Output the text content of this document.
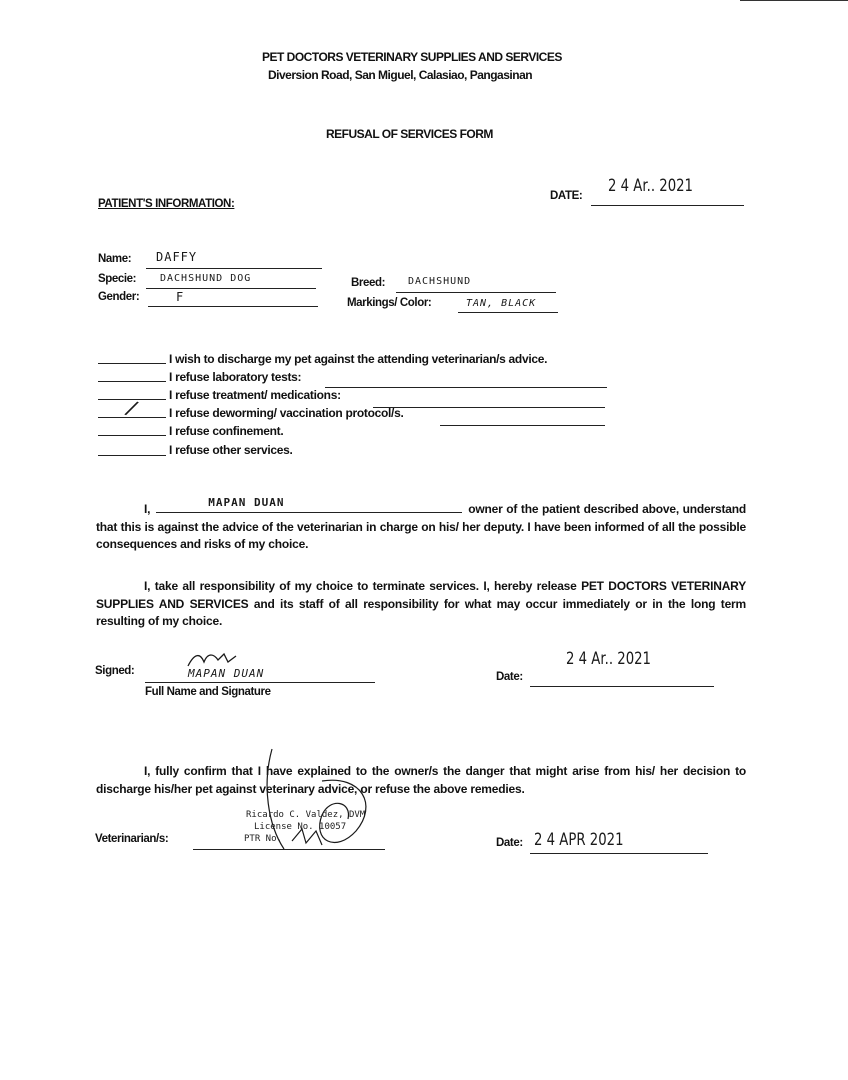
PET DOCTORS VETERINARY SUPPLIES AND SERVICES
Diversion Road, San Miguel, Calasiao, Pangasinan
REFUSAL OF SERVICES FORM
DATE: 2 4 Ar.. 2021
PATIENT'S INFORMATION:
Name: DAFFY
Specie: DACHSHUND DOG
Gender:	F
Breed: DACHSHUND
Markings/ Color:	TAN, BLACK
I wish to discharge my pet against the attending veterinarian/s advice.
I refuse laboratory tests:
I refuse treatment/ medications:
/ I refuse deworming/ vaccination protocol/s.
I refuse confinement.
I refuse other services.
I,	MAPAN DUAN	owner of the patient described above, understand that this is against the advice of the veterinarian in charge on his/ her deputy. I have been informed of all the possible consequences and risks of my choice.
I, take all responsibility of my choice to terminate services. I, hereby release PET DOCTORS VETERINARY SUPPLIES AND SERVICES and its staff of all responsibility for what may occur immediately or in the long term resulting of my choice.
Signed:	MAPAN DUAN
Full Name and Signature
Date:
2 4 Ar.. 2021
I, fully confirm that I have explained to the owner/s the danger that might arise from his/ her decision to discharge his/her pet against veterinary advice, or refuse the above remedies.
Veterinarian/s:
Ricardo C. Valdez, DVM
License No. 10057
PTR No.	Date: 2 4 APR 2021
